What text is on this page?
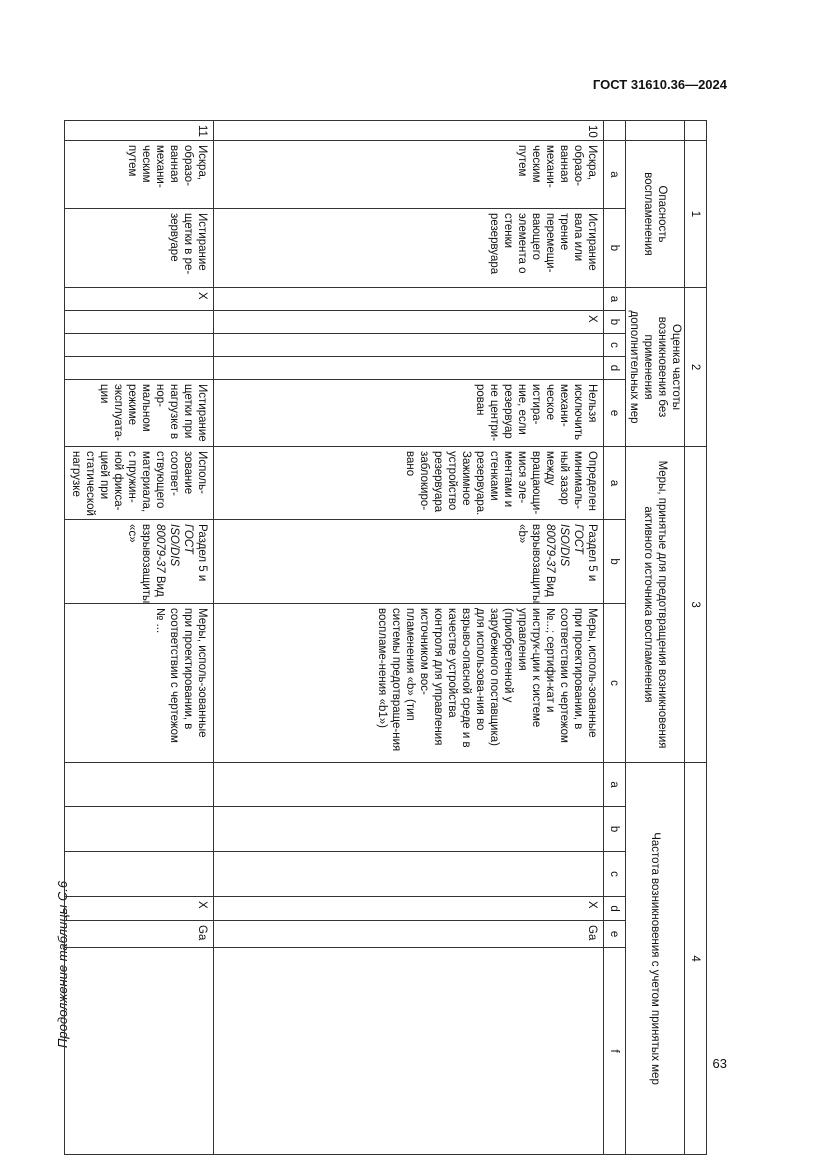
ГОСТ 31610.36—2024
Продолжение таблицы С.6
63
	1		2					3			4					
	Опасность воспламенения		Оценка частоты возникновения без применения дополнительных мер					Меры, принятые для предотвращения возникновения активного источника воспламенения			Частота возникновения с учетом принятых мер					
	a	b	a	b	c	d	e	a	b	c	a	b	c	d	e	f
10	Искра, образо-ванная механи-ческим путем	Истирание вала или трение перемещи-вающего элемента о стенки резервуара		X			Нельзя исключить механи-ческое истира-ние, если резервуар не центри-рован	Определен минималь-ный зазор между вращающи-мися эле-ментами и стенками резервуара. Зажимное устройство резервуара заблокиро-вано	Раздел 5 и ГОСТ ISO/DIS 80079-37 Вид взрывозащиты «b»	Меры, исполь-зованные при проектировании, в соответствии с чертежом №...; сертифи-кат и инструк-ции к системе управления (приобретенной у зарубежного поставщика) для использова-ния во взрыво-опасной среде и в качестве устройства контроля для управления источником вос-пламенения «b» (тип системы предотвраще-ния воспламе-нения «b1»)				X	Ga	
11	Искра, образо-ванная механи-ческим путем	Истирание щетки в ре-зервуаре	X				Истирание щетки при нагрузке в нор-мальном режиме эксплуата-ции	Исполь-зование соответ-ствующего материала, с пружин-ной фикса-цией при статической нагрузке	Раздел 5 и ГОСТ ISO/DIS 80079-37 Вид взрывозащиты «c»	Меры, исполь-зованные при проектировании, в соответствии с чертежом № ...				X	Ga	
